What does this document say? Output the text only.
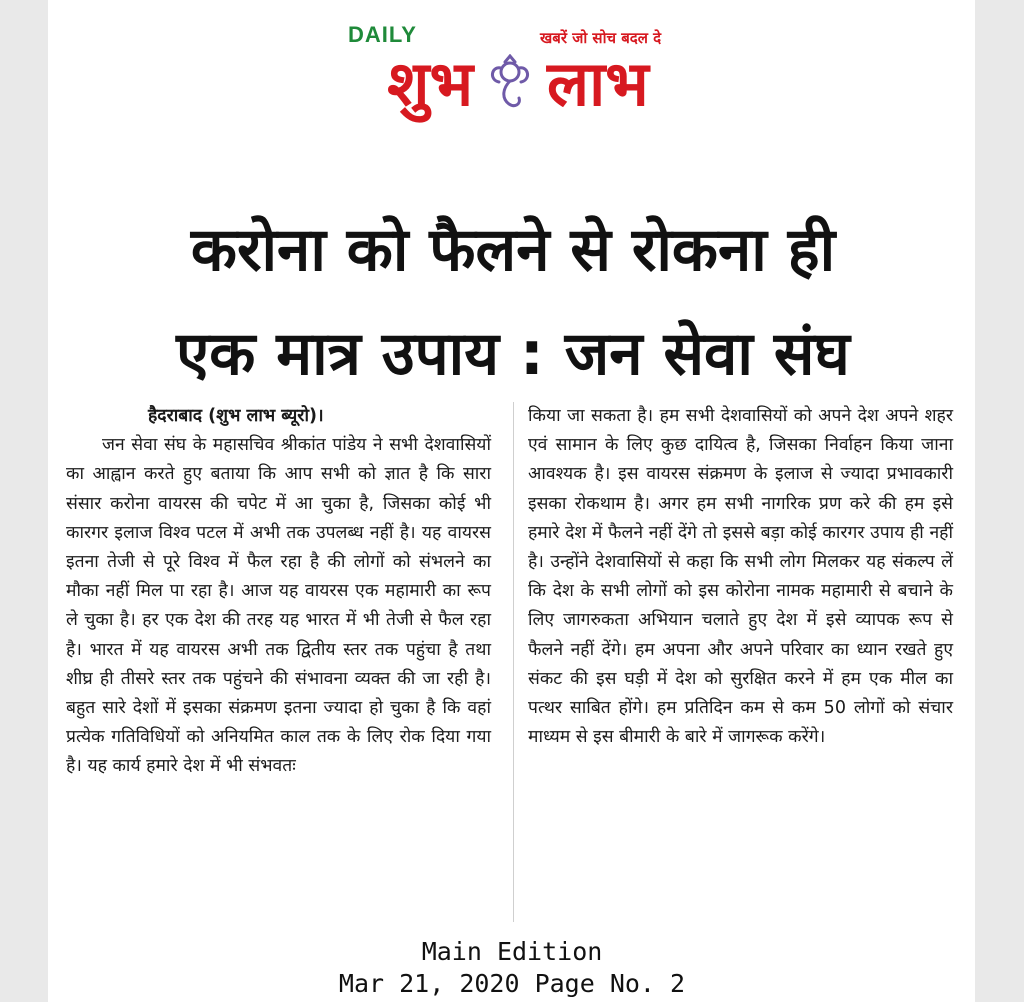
DAILY	खबरें जो सोच बदल दे
शुभ लाभ
करोना को फैलने से रोकना ही
एक मात्र उपाय : जन सेवा संघ
हैदराबाद (शुभ लाभ ब्यूरो)।

जन सेवा संघ के महासचिव श्रीकांत पांडेय ने सभी देशवासियों का आह्वान करते हुए बताया कि आप सभी को ज्ञात है कि सारा संसार करोना वायरस की चपेट में आ चुका है, जिसका कोई भी कारगर इलाज विश्व पटल में अभी तक उपलब्ध नहीं है। यह वायरस इतना तेजी से पूरे विश्व में फैल रहा है की लोगों को संभलने का मौका नहीं मिल पा रहा है। आज यह वायरस एक महामारी का रूप ले चुका है। हर एक देश की तरह यह भारत में भी तेजी से फैल रहा है। भारत में यह वायरस अभी तक द्वितीय स्तर तक पहुंचा है तथा शीघ्र ही तीसरे स्तर तक पहुंचने की संभावना व्यक्त की जा रही है। बहुत सारे देशों में इसका संक्रमण इतना ज्यादा हो चुका है कि वहां प्रत्येक गतिविधियों को अनियमित काल तक के लिए रोक दिया गया है। यह कार्य हमारे देश में भी संभवतः

किया जा सकता है। हम सभी देशवासियों को अपने देश अपने शहर एवं सामान के लिए कुछ दायित्व है, जिसका निर्वाहन किया जाना आवश्यक है। इस वायरस संक्रमण के इलाज से ज्यादा प्रभावकारी इसका रोकथाम है। अगर हम सभी नागरिक प्रण करे की हम इसे हमारे देश में फैलने नहीं देंगे तो इससे बड़ा कोई कारगर उपाय ही नहीं है। उन्होंने देशवासियों से कहा कि सभी लोग मिलकर यह संकल्प लें कि देश के सभी लोगों को इस कोरोना नामक महामारी से बचाने के लिए जागरुकता अभियान चलाते हुए देश में इसे व्यापक रूप से फैलने नहीं देंगे। हम अपना और अपने परिवार का ध्यान रखते हुए संकट की इस घड़ी में देश को सुरक्षित करने में हम एक मील का पत्थर साबित होंगे। हम प्रतिदिन कम से कम 50 लोगों को संचार माध्यम से इस बीमारी के बारे में जागरूक करेंगे।

Main Edition
Mar 21, 2020 Page No. 2
